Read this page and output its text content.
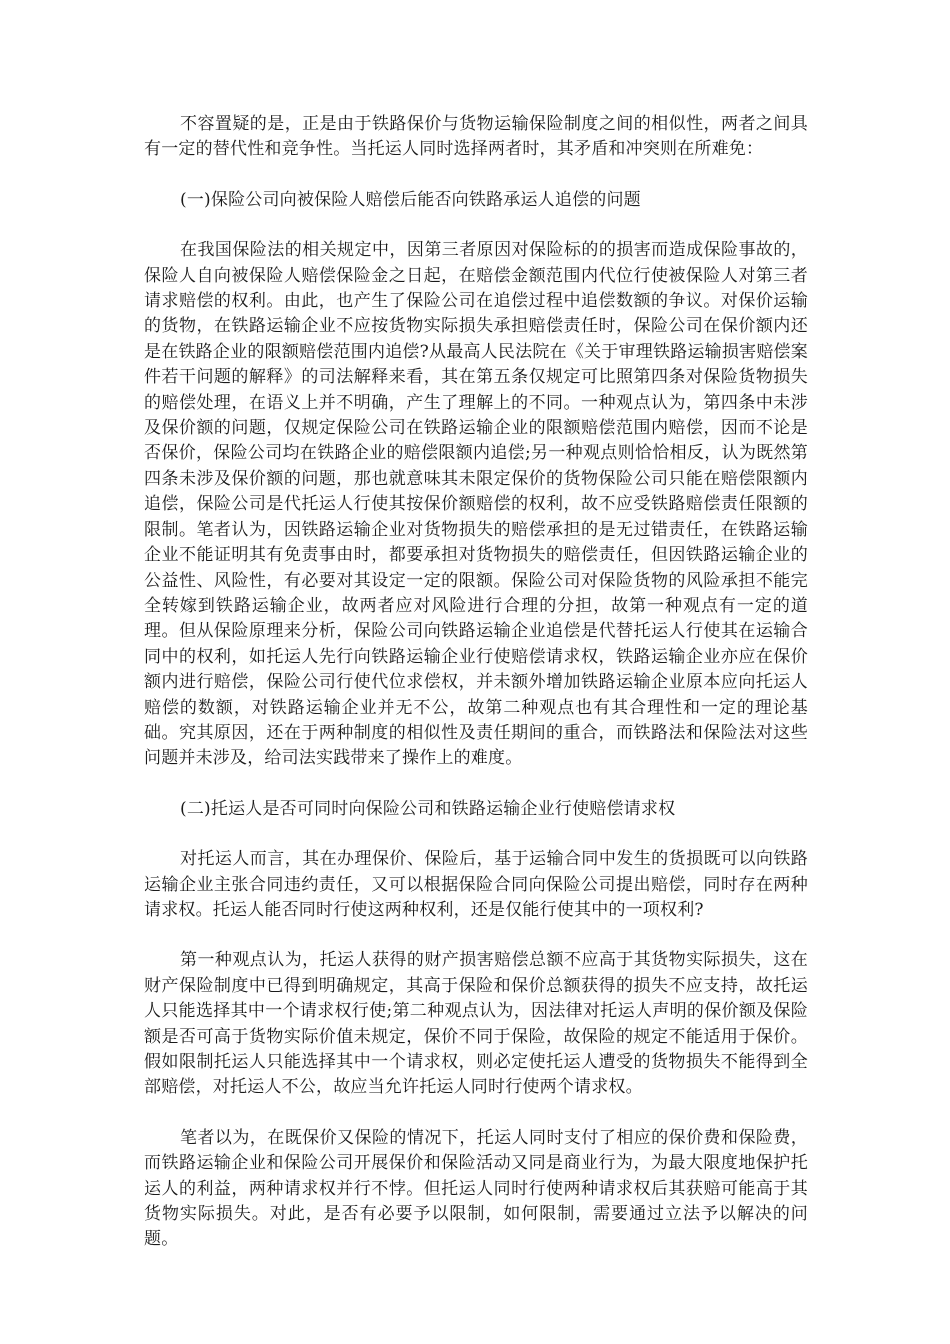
不容置疑的是，正是由于铁路保价与货物运输保险制度之间的相似性，两者之间具有一定的替代性和竞争性。当托运人同时选择两者时，其矛盾和冲突则在所难免：

(一)保险公司向被保险人赔偿后能否向铁路承运人追偿的问题

在我国保险法的相关规定中，因第三者原因对保险标的的损害而造成保险事故的，保险人自向被保险人赔偿保险金之日起，在赔偿金额范围内代位行使被保险人对第三者请求赔偿的权利。由此，也产生了保险公司在追偿过程中追偿数额的争议。对保价运输的货物，在铁路运输企业不应按货物实际损失承担赔偿责任时，保险公司在保价额内还是在铁路企业的限额赔偿范围内追偿?从最高人民法院在《关于审理铁路运输损害赔偿案件若干问题的解释》的司法解释来看，其在第五条仅规定可比照第四条对保险货物损失的赔偿处理，在语义上并不明确，产生了理解上的不同。一种观点认为，第四条中未涉及保价额的问题，仅规定保险公司在铁路运输企业的限额赔偿范围内赔偿，因而不论是否保价，保险公司均在铁路企业的赔偿限额内追偿;另一种观点则恰恰相反，认为既然第四条未涉及保价额的问题，那也就意味其未限定保价的货物保险公司只能在赔偿限额内追偿，保险公司是代托运人行使其按保价额赔偿的权利，故不应受铁路赔偿责任限额的限制。笔者认为，因铁路运输企业对货物损失的赔偿承担的是无过错责任，在铁路运输企业不能证明其有免责事由时，都要承担对货物损失的赔偿责任，但因铁路运输企业的公益性、风险性，有必要对其设定一定的限额。保险公司对保险货物的风险承担不能完全转嫁到铁路运输企业，故两者应对风险进行合理的分担，故第一种观点有一定的道理。但从保险原理来分析，保险公司向铁路运输企业追偿是代替托运人行使其在运输合同中的权利，如托运人先行向铁路运输企业行使赔偿请求权，铁路运输企业亦应在保价额内进行赔偿，保险公司行使代位求偿权，并未额外增加铁路运输企业原本应向托运人赔偿的数额，对铁路运输企业并无不公，故第二种观点也有其合理性和一定的理论基础。究其原因，还在于两种制度的相似性及责任期间的重合，而铁路法和保险法对这些问题并未涉及，给司法实践带来了操作上的难度。

(二)托运人是否可同时向保险公司和铁路运输企业行使赔偿请求权

对托运人而言，其在办理保价、保险后，基于运输合同中发生的货损既可以向铁路运输企业主张合同违约责任，又可以根据保险合同向保险公司提出赔偿，同时存在两种请求权。托运人能否同时行使这两种权利，还是仅能行使其中的一项权利?

第一种观点认为，托运人获得的财产损害赔偿总额不应高于其货物实际损失，这在财产保险制度中已得到明确规定，其高于保险和保价总额获得的损失不应支持，故托运人只能选择其中一个请求权行使;第二种观点认为，因法律对托运人声明的保价额及保险额是否可高于货物实际价值未规定，保价不同于保险，故保险的规定不能适用于保价。假如限制托运人只能选择其中一个请求权，则必定使托运人遭受的货物损失不能得到全部赔偿，对托运人不公，故应当允许托运人同时行使两个请求权。

笔者以为，在既保价又保险的情况下，托运人同时支付了相应的保价费和保险费，而铁路运输企业和保险公司开展保价和保险活动又同是商业行为，为最大限度地保护托运人的利益，两种请求权并行不悖。但托运人同时行使两种请求权后其获赔可能高于其货物实际损失。对此，是否有必要予以限制，如何限制，需要通过立法予以解决的问题。
